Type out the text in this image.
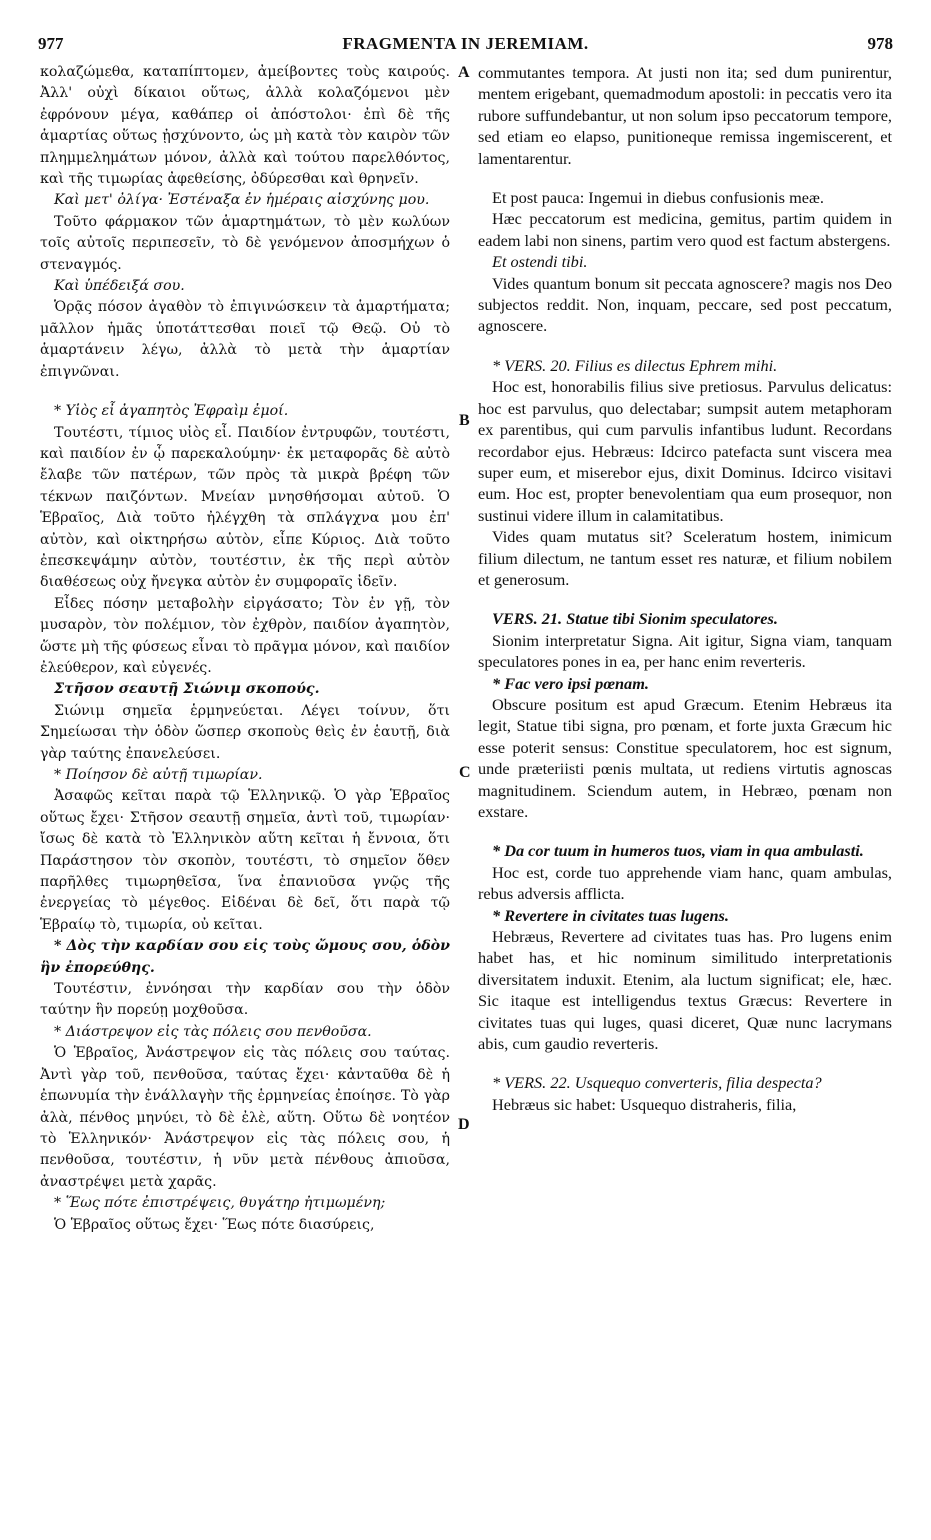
977	FRAGMENTA IN JEREMIAM.	978

κολαζώμεθα, καταπίπτομεν, ἀμείβοντες τοὺς καιρούς. Ἀλλ' οὐχὶ δίκαιοι οὕτως, ἀλλὰ κολαζόμενοι μὲν ἐφρόνουν μέγα, καθάπερ οἱ ἀπόστολοι· ἐπὶ δὲ τῆς ἁμαρτίας οὕτως ᾐσχύνοντο, ὡς μὴ κατὰ τὸν καιρὸν τῶν πλημμελημάτων μόνον, ἀλλὰ καὶ τούτου παρελθόντος, καὶ τῆς τιμωρίας ἀφεθείσης, ὀδύρεσθαι καὶ θρηνεῖν.

Καὶ μετ' ὀλίγα· Ἐστέναξα ἐν ἡμέραις αἰσχύνης μου.

Τοῦτο φάρμακον τῶν ἁμαρτημάτων, τὸ μὲν κωλύων τοῖς αὐτοῖς περιπεσεῖν, τὸ δὲ γενόμενον ἀποσμήχων ὁ στεναγμός.

Καὶ ὑπέδειξά σου.

Ὁρᾷς πόσον ἀγαθὸν τὸ ἐπιγινώσκειν τὰ ἁμαρτήματα; μᾶλλον ἡμᾶς ὑποτάττεσθαι ποιεῖ τῷ Θεῷ. Οὐ τὸ ἁμαρτάνειν λέγω, ἀλλὰ τὸ μετὰ τὴν ἁμαρτίαν ἐπιγνῶναι.

* Υἱὸς εἶ ἀγαπητὸς Ἐφραὶμ ἐμοί.

Τουτέστι, τίμιος υἱὸς εἶ. Παιδίον ἐντρυφῶν, τουτέστι, καὶ παιδίον ἐν ᾧ παρεκαλούμην· ἐκ μεταφορᾶς δὲ αὐτὸ ἔλαβε τῶν πατέρων, τῶν πρὸς τὰ μικρὰ βρέφη τῶν τέκνων παιζόντων. Μνείαν μνησθήσομαι αὐτοῦ. Ὁ Ἑβραῖος, Διὰ τοῦτο ἠλέγχθη τὰ σπλάγχνα μου ἐπ' αὐτὸν, καὶ οἰκτηρήσω αὐτὸν, εἶπε Κύριος. Διὰ τοῦτο ἐπεσκεψάμην αὐτὸν, τουτέστιν, ἐκ τῆς περὶ αὐτὸν διαθέσεως οὐχ ἤνεγκα αὐτὸν ἐν συμφοραῖς ἰδεῖν.

Εἶδες πόσην μεταβολὴν εἰργάσατο; Τὸν ἐν γῇ, τὸν μυσαρὸν, τὸν πολέμιον, τὸν ἐχθρὸν, παιδίον ἀγαπητὸν, ὥστε μὴ τῆς φύσεως εἶναι τὸ πρᾶγμα μόνον, καὶ παιδίον ἐλεύθερον, καὶ εὐγενές.

Στῆσον σεαυτῇ Σιώνιμ σκοπούς.

Σιώνιμ σημεῖα ἑρμηνεύεται. Λέγει τοίνυν, ὅτι Σημείωσαι τὴν ὁδὸν ὥσπερ σκοποὺς θεὶς ἐν ἑαυτῇ, διὰ γὰρ ταύτης ἐπανελεύσει.

* Ποίησον δὲ αὐτῇ τιμωρίαν.

Ἀσαφῶς κεῖται παρὰ τῷ Ἑλληνικῷ. Ὁ γὰρ Ἑβραῖος οὕτως ἔχει· Στῆσον σεαυτῇ σημεῖα, ἀντὶ τοῦ, τιμωρίαν· ἴσως δὲ κατὰ τὸ Ἑλληνικὸν αὕτη κεῖται ἡ ἔννοια, ὅτι Παράστησον τὸν σκοπὸν, τουτέστι, τὸ σημεῖον ὅθεν παρῆλθες τιμωρηθεῖσα, ἵνα ἐπανιοῦσα γνῷς τῆς ἐνεργείας τὸ μέγεθος. Εἰδέναι δὲ δεῖ, ὅτι παρὰ τῷ Ἑβραίῳ τὸ, τιμωρία, οὐ κεῖται.

* Δὸς τὴν καρδίαν σου εἰς τοὺς ὤμους σου, ὁδὸν ἣν ἐπορεύθης.

Τουτέστιν, ἐννόησαι τὴν καρδίαν σου τὴν ὁδὸν ταύτην ἣν πορεύῃ μοχθοῦσα.

* Διάστρεψον εἰς τὰς πόλεις σου πενθοῦσα.

Ὁ Ἑβραῖος, Ἀνάστρεψον εἰς τὰς πόλεις σου ταύτας. Ἀντὶ γὰρ τοῦ, πενθοῦσα, ταύτας ἔχει· κἀνταῦθα δὲ ἡ ἐπωνυμία τὴν ἐνάλλαγὴν τῆς ἑρμηνείας ἐποίησε. Τὸ γὰρ ἀλὰ, πένθος μηνύει, τὸ δὲ ἐλὲ, αὕτη. Οὕτω δὲ νοητέον τὸ Ἑλληνικόν· Ἀνάστρεψον εἰς τὰς πόλεις σου, ἡ πενθοῦσα, τουτέστιν, ἡ νῦν μετὰ πένθους ἀπιοῦσα, ἀναστρέψει μετὰ χαρᾶς.

* Ἕως πότε ἐπιστρέψεις, θυγάτηρ ἠτιμωμένη;

Ὁ Ἑβραῖος οὕτως ἔχει· Ἕως πότε διασύρεις,

A
B
C
D

commutantes tempora. At justi non ita; sed dum punirentur, mentem erigebant, quemadmodum apostoli: in peccatis vero ita rubore suffundebantur, ut non solum ipso peccatorum tempore, sed etiam eo elapso, punitioneque remissa ingemiscerent, et lamentarentur.

Et post pauca: Ingemui in diebus confusionis meæ.

Hæc peccatorum est medicina, gemitus, partim quidem in eadem labi non sinens, partim vero quod est factum abstergens.

Et ostendi tibi.

Vides quantum bonum sit peccata agnoscere? magis nos Deo subjectos reddit. Non, inquam, peccare, sed post peccatum, agnoscere.

* VERS. 20. Filius es dilectus Ephrem mihi.

Hoc est, honorabilis filius sive pretiosus. Parvulus delicatus: hoc est parvulus, quo delectabar; sumpsit autem metaphoram ex parentibus, qui cum parvulis infantibus ludunt. Recordans recordabor ejus. Hebræus: Idcirco patefacta sunt viscera mea super eum, et miserebor ejus, dixit Dominus. Idcirco visitavi eum. Hoc est, propter benevolentiam qua eum prosequor, non sustinui videre illum in calamitatibus.

Vides quam mutatus sit? Sceleratum hostem, inimicum filium dilectum, ne tantum esset res naturæ, et filium nobilem et generosum.

VERS. 21. Statue tibi Sionim speculatores.

Sionim interpretatur Signa. Ait igitur, Signa viam, tanquam speculatores pones in ea, per hanc enim reverteris.

* Fac vero ipsi pœnam.

Obscure positum est apud Græcum. Etenim Hebræus ita legit, Statue tibi signa, pro pœnam, et forte juxta Græcum hic esse poterit sensus: Constitue speculatorem, hoc est signum, unde præteriisti pœnis multata, ut rediens virtutis agnoscas magnitudinem. Sciendum autem, in Hebræo, pœnam non exstare.

* Da cor tuum in humeros tuos, viam in qua ambulasti.

Hoc est, corde tuo apprehende viam hanc, quam ambulas, rebus adversis afflicta.

* Revertere in civitates tuas lugens.

Hebræus, Revertere ad civitates tuas has. Pro lugens enim habet has, et hic nominum similitudo interpretationis diversitatem induxit. Etenim, ala luctum significat; ele, hæc. Sic itaque est intelligendus textus Græcus: Revertere in civitates tuas qui luges, quasi diceret, Quæ nunc lacrymans abis, cum gaudio reverteris.

* VERS. 22. Usquequo converteris, filia despecta?

Hebræus sic habet: Usquequo distraheris, filia,
